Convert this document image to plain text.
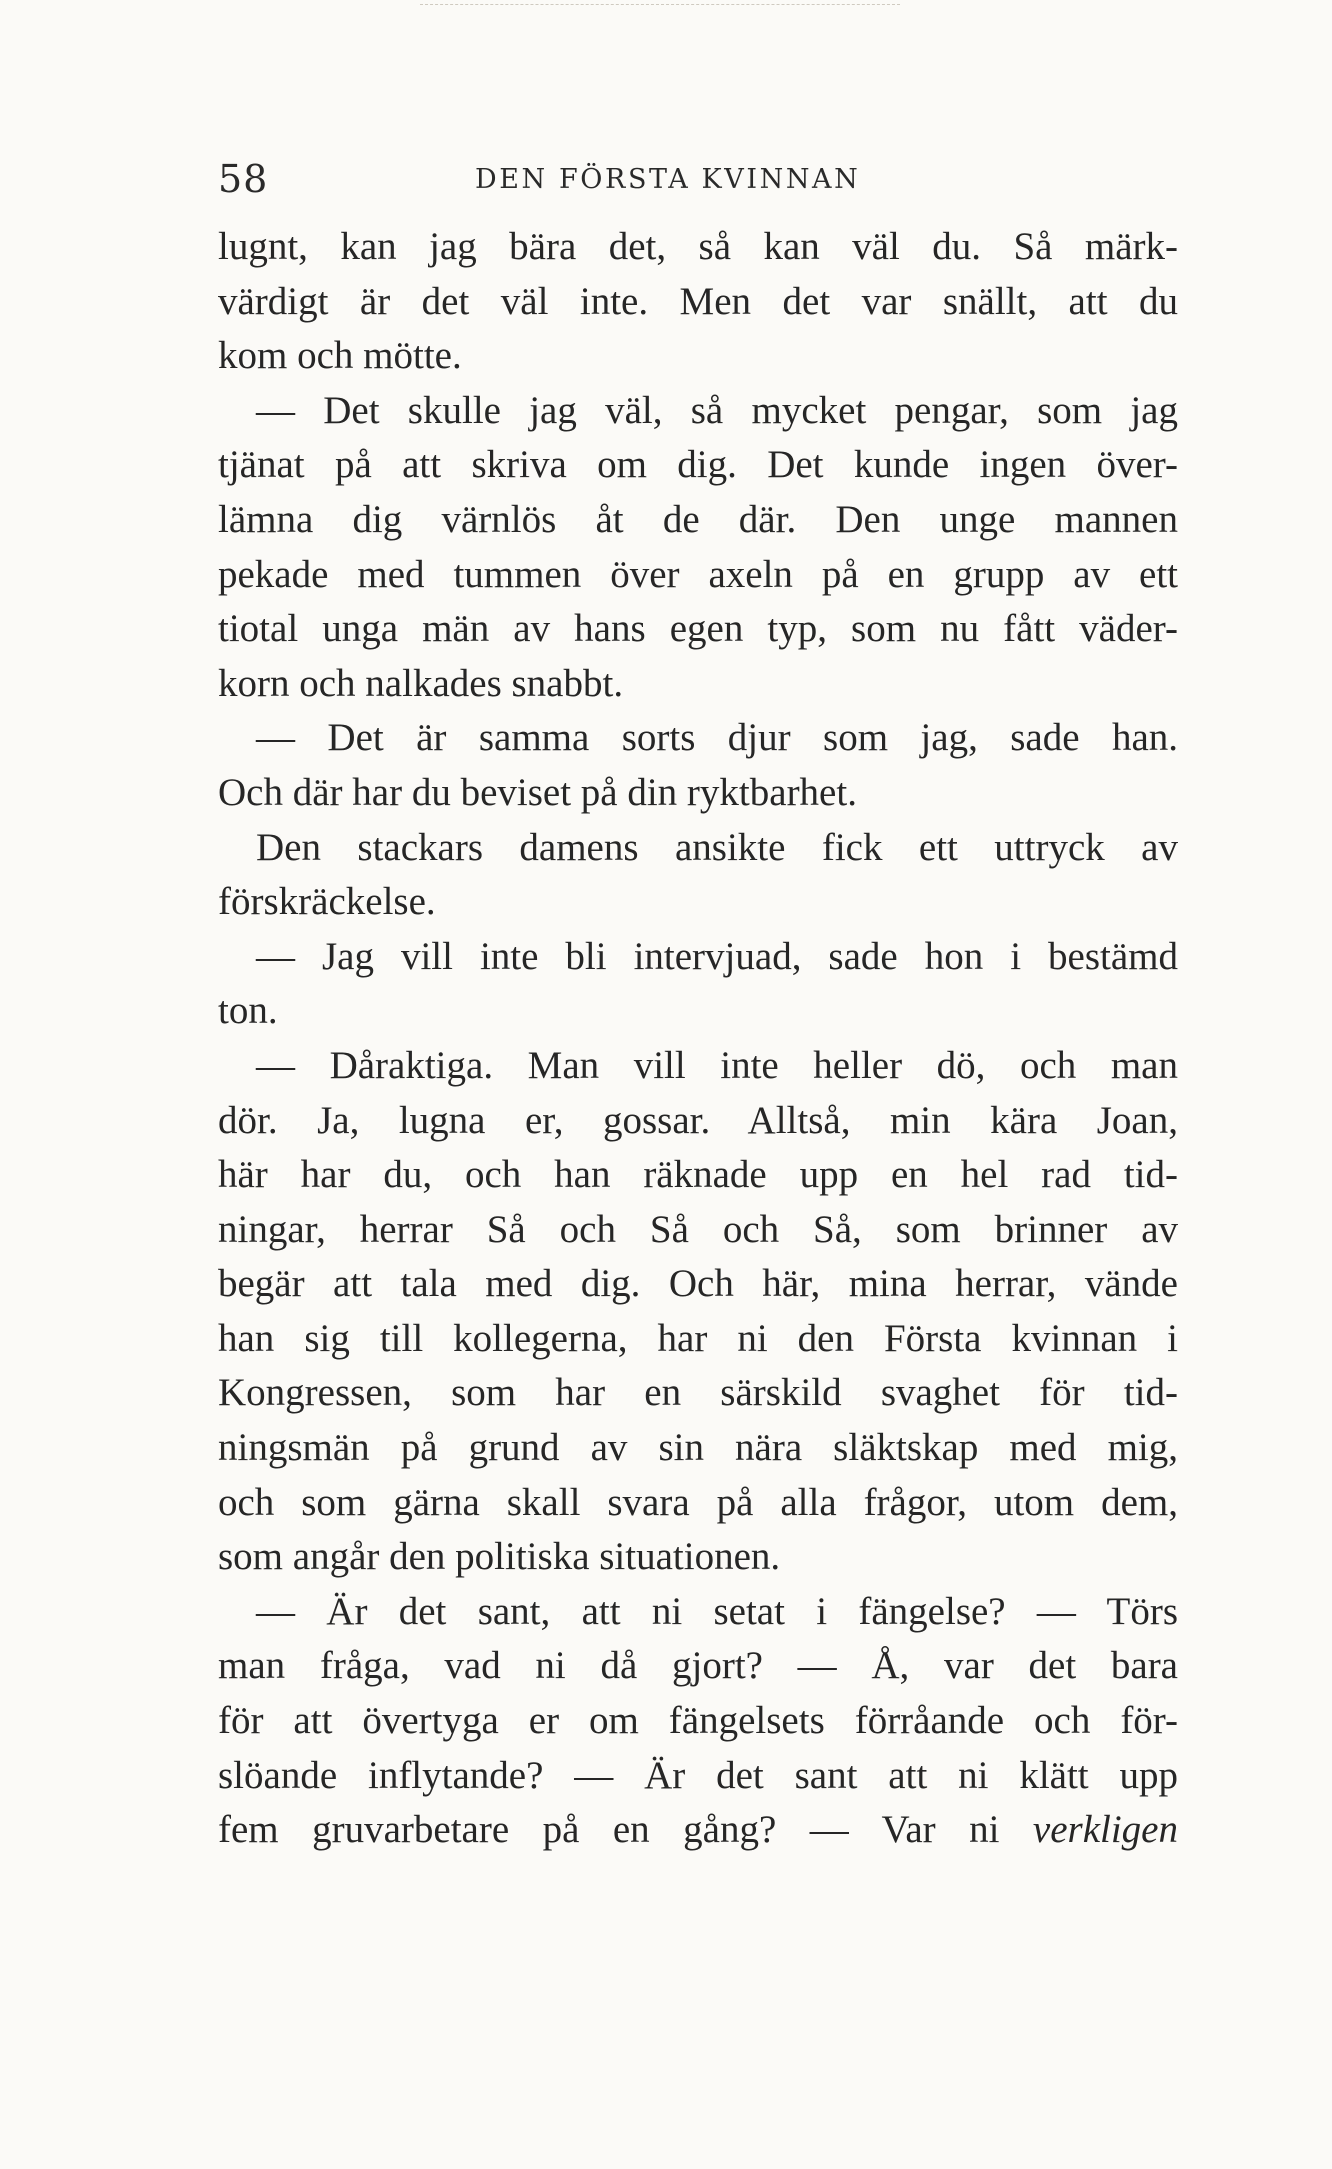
58	DEN FÖRSTA KVINNAN
lugnt, kan jag bära det, så kan väl du. Så märk-
värdigt är det väl inte. Men det var snällt, att du
kom och mötte.
— Det skulle jag väl, så mycket pengar, som jag
tjänat på att skriva om dig. Det kunde ingen över-
lämna dig värnlös åt de där. Den unge mannen
pekade med tummen över axeln på en grupp av ett
tiotal unga män av hans egen typ, som nu fått väder-
korn och nalkades snabbt.
— Det är samma sorts djur som jag, sade han.
Och där har du beviset på din ryktbarhet.
Den stackars damens ansikte fick ett uttryck av
förskräckelse.
— Jag vill inte bli intervjuad, sade hon i bestämd
ton.
— Dåraktiga. Man vill inte heller dö, och man
dör. Ja, lugna er, gossar. Alltså, min kära Joan,
här har du, och han räknade upp en hel rad tid-
ningar, herrar Så och Så och Så, som brinner av
begär att tala med dig. Och här, mina herrar, vände
han sig till kollegerna, har ni den Första kvinnan i
Kongressen, som har en särskild svaghet för tid-
ningsmän på grund av sin nära släktskap med mig,
och som gärna skall svara på alla frågor, utom dem,
som angår den politiska situationen.
— Är det sant, att ni setat i fängelse? — Törs
man fråga, vad ni då gjort? — Å, var det bara
för att övertyga er om fängelsets förråande och för-
slöande inflytande? — Är det sant att ni klätt upp
fem gruvarbetare på en gång? — Var ni verkligen
